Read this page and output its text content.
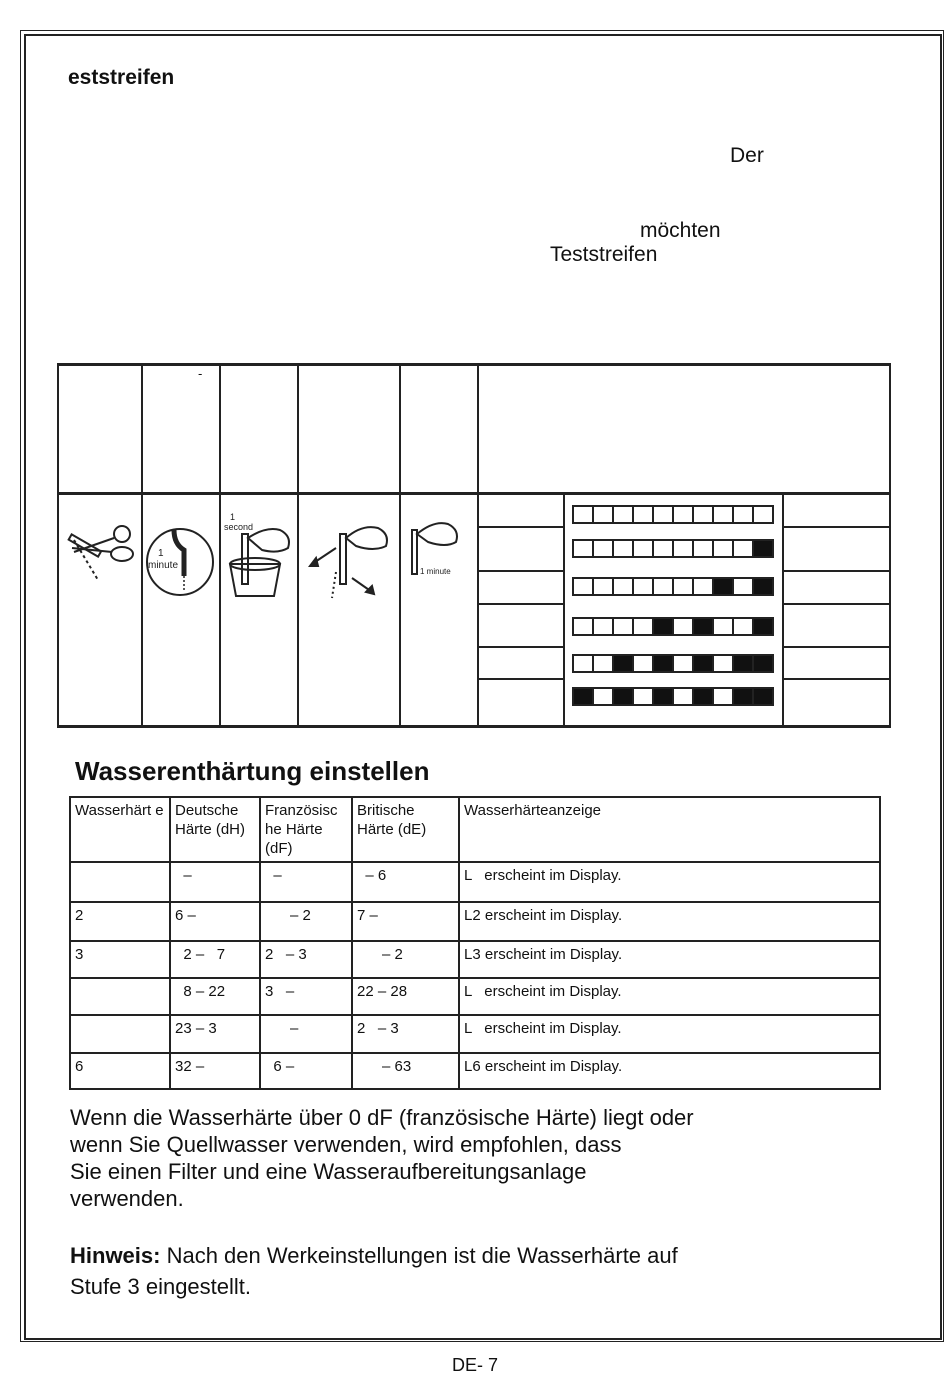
eststreifen
Der
möchten
Teststreifen
-
1
minute
1
second
1 minute
Wasserenthärtung einstellen
Wasserhärt e	Deutsche Härte (dH)	Französisc he Härte (dF)	Britische Härte (dE)	Wasserhärteanzeige
	–	–	– 6	L   erscheint im Display.
2	6 –	– 2	7 –	L2 erscheint im Display.
3	2 –   7	2   – 3	– 2	L3 erscheint im Display.
	8 – 22	3   –	22 – 28	L   erscheint im Display.
	23 – 3	–	2   – 3	L   erscheint im Display.
6	32 –	6 –	– 63	L6 erscheint im Display.
Wenn die Wasserhärte über 0 dF (französische Härte) liegt oder
wenn Sie Quellwasser verwenden, wird empfohlen, dass
Sie einen Filter und eine Wasseraufbereitungsanlage
verwenden.
Hinweis: Nach den Werkeinstellungen ist die Wasserhärte auf
Stufe 3 eingestellt.
DE- 7
